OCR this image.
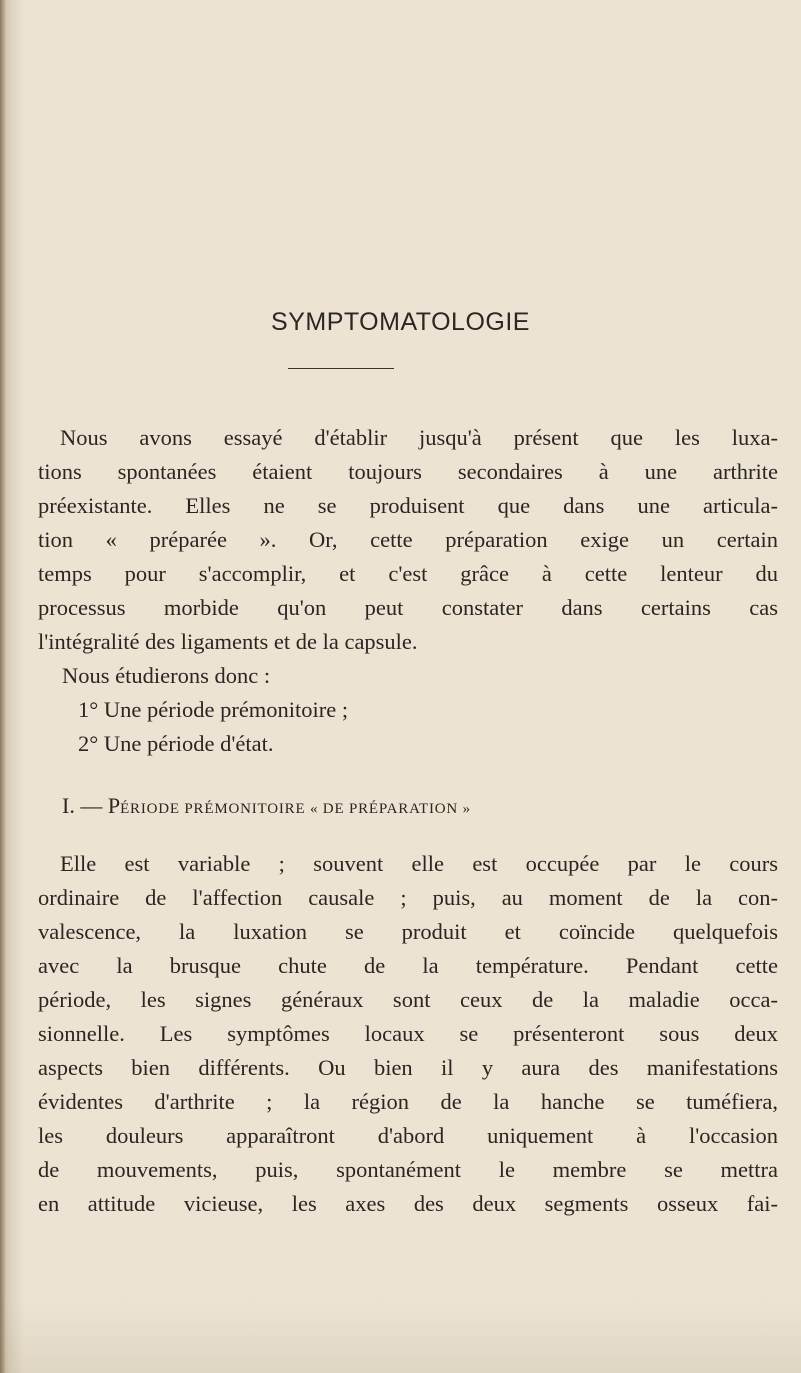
SYMPTOMATOLOGIE
Nous avons essayé d'établir jusqu'à présent que les luxa-
tions spontanées étaient toujours secondaires à une arthrite
préexistante. Elles ne se produisent que dans une articula-
tion « préparée ». Or, cette préparation exige un certain
temps pour s'accomplir, et c'est grâce à cette lenteur du
processus morbide qu'on peut constater dans certains cas
l'intégralité des ligaments et de la capsule.
Nous étudierons donc :
1° Une période prémonitoire ;
2° Une période d'état.
I. — PÉRIODE PRÉMONITOIRE « DE PRÉPARATION »
Elle est variable ; souvent elle est occupée par le cours
ordinaire de l'affection causale ; puis, au moment de la con-
valescence, la luxation se produit et coïncide quelquefois
avec la brusque chute de la température. Pendant cette
période, les signes généraux sont ceux de la maladie occa-
sionnelle. Les symptômes locaux se présenteront sous deux
aspects bien différents. Ou bien il y aura des manifestations
évidentes d'arthrite ; la région de la hanche se tuméfiera,
les douleurs apparaîtront d'abord uniquement à l'occasion
de mouvements, puis, spontanément le membre se mettra
en attitude vicieuse, les axes des deux segments osseux fai-
